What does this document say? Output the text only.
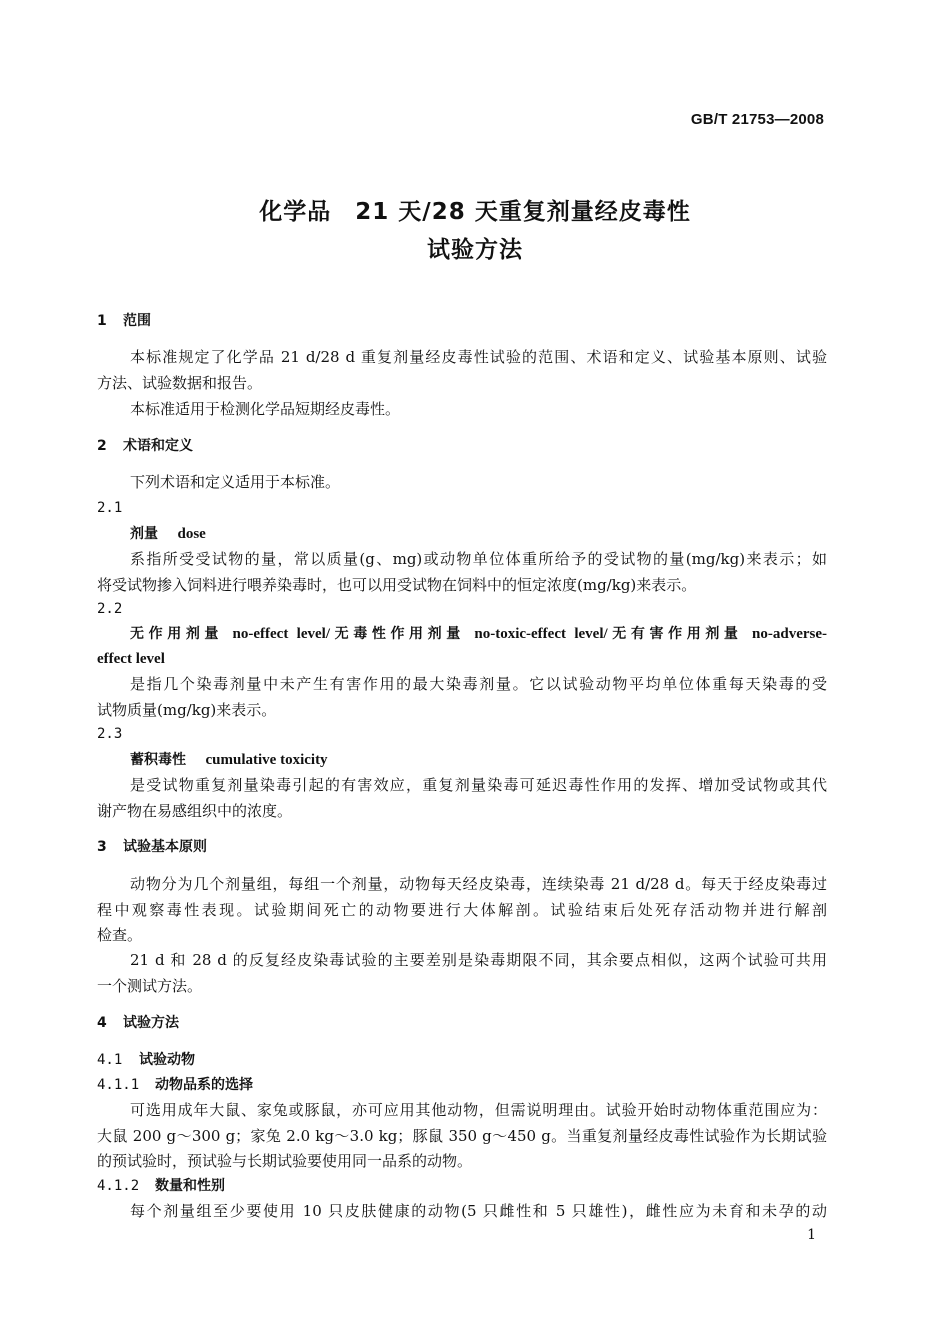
GB/T 21753—2008
化学品　21 天/28 天重复剂量经皮毒性
试验方法
1 范围
本标准规定了化学品 21 d/28 d 重复剂量经皮毒性试验的范围、术语和定义、试验基本原则、试验
方法、试验数据和报告。
本标准适用于检测化学品短期经皮毒性。
2 术语和定义
下列术语和定义适用于本标准。
2.1
剂量 dose
系指所受受试物的量，常以质量(g、mg)或动物单位体重所给予的受试物的量(mg/kg)来表示；如
将受试物掺入饲料进行喂养染毒时，也可以用受试物在饲料中的恒定浓度(mg/kg)来表示。
2.2
无作用剂量 no-effect level/无毒性作用剂量 no-toxic-effect level/无有害作用剂量 no-adverse-
effect level
是指几个染毒剂量中未产生有害作用的最大染毒剂量。它以试验动物平均单位体重每天染毒的受
试物质量(mg/kg)来表示。
2.3
蓄积毒性 cumulative toxicity
是受试物重复剂量染毒引起的有害效应，重复剂量染毒可延迟毒性作用的发挥、增加受试物或其代
谢产物在易感组织中的浓度。
3 试验基本原则
动物分为几个剂量组，每组一个剂量，动物每天经皮染毒，连续染毒 21 d/28 d。每天于经皮染毒过
程中观察毒性表现。试验期间死亡的动物要进行大体解剖。试验结束后处死存活动物并进行解剖
检查。
21 d 和 28 d 的反复经皮染毒试验的主要差别是染毒期限不同，其余要点相似，这两个试验可共用
一个测试方法。
4 试验方法
4.1 试验动物
4.1.1 动物品系的选择
可选用成年大鼠、家兔或豚鼠，亦可应用其他动物，但需说明理由。试验开始时动物体重范围应为：
大鼠 200 g～300 g；家兔 2.0 kg～3.0 kg；豚鼠 350 g～450 g。当重复剂量经皮毒性试验作为长期试验
的预试验时，预试验与长期试验要使用同一品系的动物。
4.1.2 数量和性别
每个剂量组至少要使用 10 只皮肤健康的动物(5 只雌性和 5 只雄性)，雌性应为未育和未孕的动
1
